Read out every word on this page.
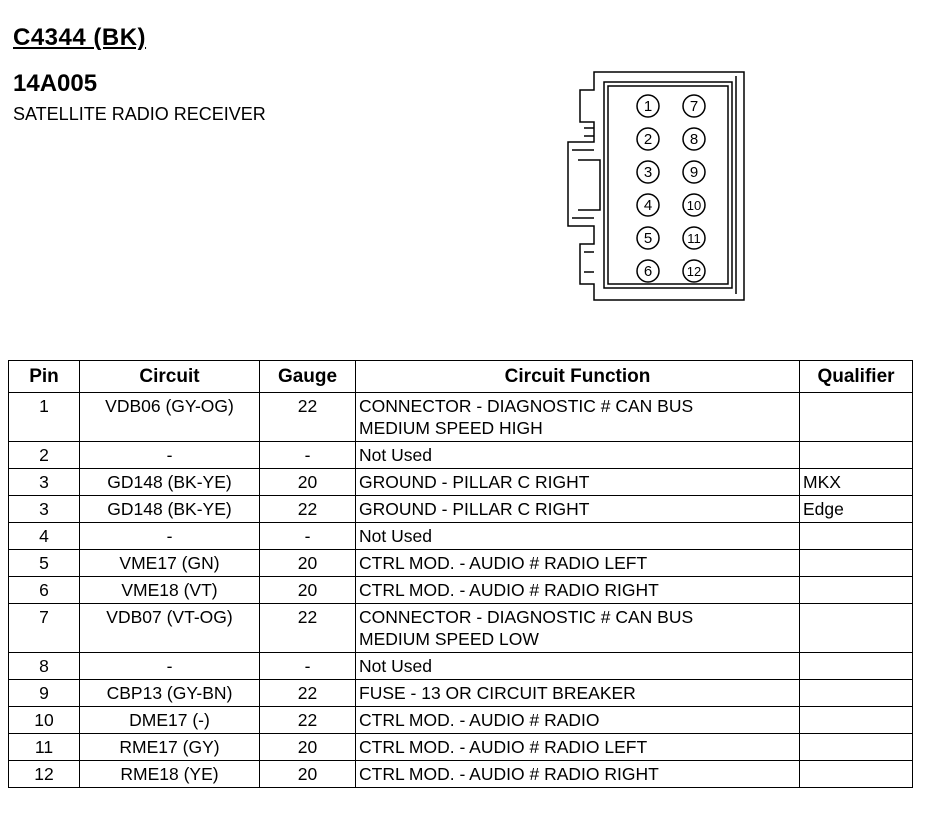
C4344 (BK)
14A005
SATELLITE RADIO RECEIVER	1
2
3
4
5
6
7
8
9
10
11
12
Pin	Circuit	Gauge	Circuit Function	Qualifier
1	VDB06 (GY-OG)	22	CONNECTOR - DIAGNOSTIC # CAN BUS
MEDIUM SPEED HIGH	
2	-	-	Not Used	
3	GD148 (BK-YE)	20	GROUND - PILLAR C RIGHT	MKX
3	GD148 (BK-YE)	22	GROUND - PILLAR C RIGHT	Edge
4	-	-	Not Used	
5	VME17 (GN)	20	CTRL MOD. - AUDIO # RADIO LEFT	
6	VME18 (VT)	20	CTRL MOD. - AUDIO # RADIO RIGHT	
7	VDB07 (VT-OG)	22	CONNECTOR - DIAGNOSTIC # CAN BUS
MEDIUM SPEED LOW	
8	-	-	Not Used	
9	CBP13 (GY-BN)	22	FUSE - 13 OR CIRCUIT BREAKER	
10	DME17 (-)	22	CTRL MOD. - AUDIO # RADIO	
11	RME17 (GY)	20	CTRL MOD. - AUDIO # RADIO LEFT	
12	RME18 (YE)	20	CTRL MOD. - AUDIO # RADIO RIGHT	
